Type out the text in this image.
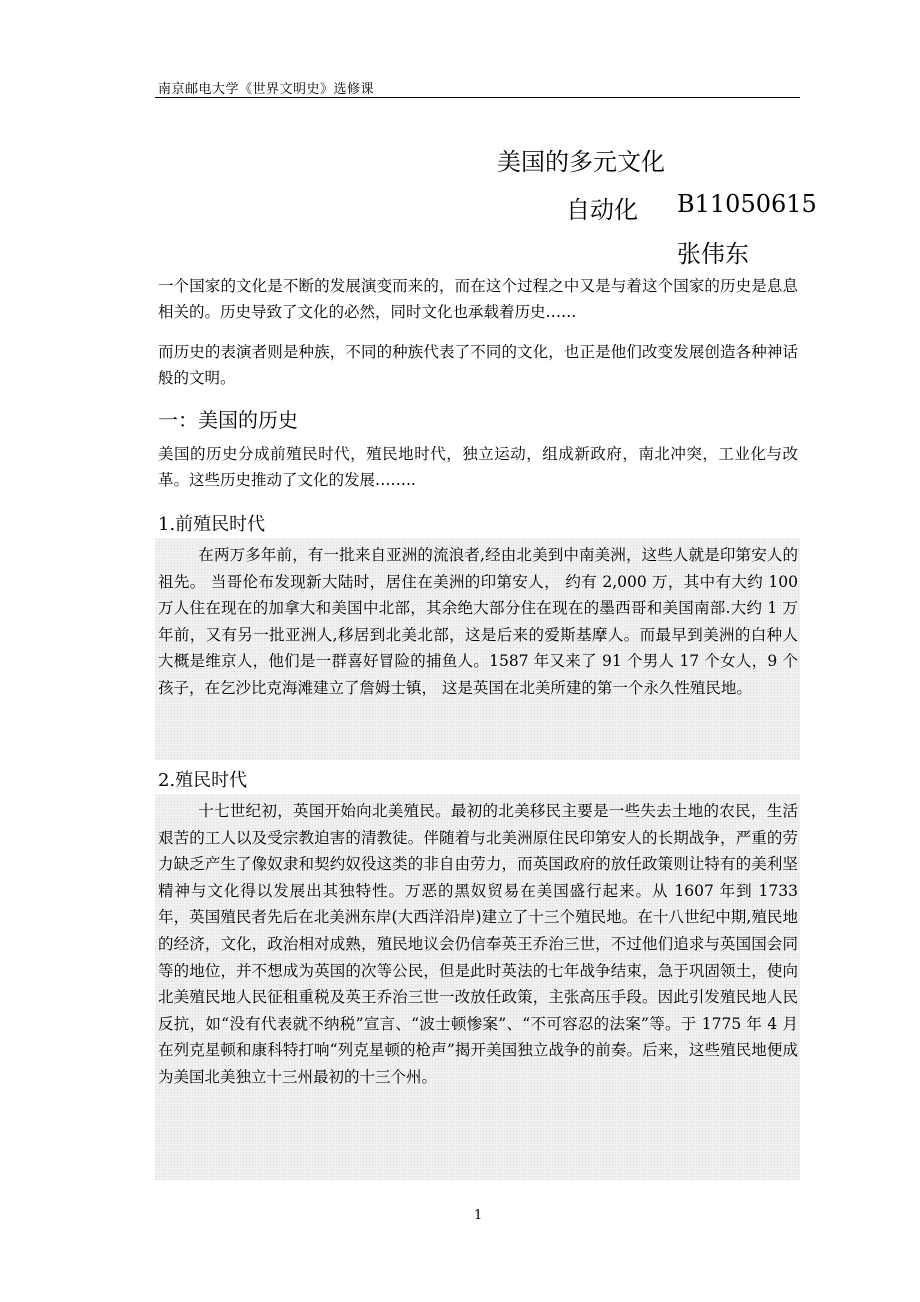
南京邮电大学《世界文明史》选修课
美国的多元文化
自动化 B11050615
张伟东

一个国家的文化是不断的发展演变而来的，而在这个过程之中又是与着这个国家的历史是息息相关的。历史导致了文化的必然，同时文化也承载着历史……

而历史的表演者则是种族，不同的种族代表了不同的文化，也正是他们改变发展创造各种神话般的文明。

一：美国的历史

美国的历史分成前殖民时代，殖民地时代，独立运动，组成新政府，南北冲突，工业化与改革。这些历史推动了文化的发展……..

1.前殖民时代

在两万多年前，有一批来自亚洲的流浪者,经由北美到中南美洲，这些人就是印第安人的祖先。 当哥伦布发现新大陆时，居住在美洲的印第安人， 约有 2,000 万，其中有大约 100 万人住在现在的加拿大和美国中北部，其余绝大部分住在现在的墨西哥和美国南部.大约 1 万年前，又有另一批亚洲人,移居到北美北部，这是后来的爱斯基摩人。而最早到美洲的白种人大概是维京人，他们是一群喜好冒险的捕鱼人。1587 年又来了 91 个男人 17 个女人，9 个孩子，在乞沙比克海滩建立了詹姆士镇， 这是英国在北美所建的第一个永久性殖民地。

2.殖民时代

十七世纪初，英国开始向北美殖民。最初的北美移民主要是一些失去土地的农民，生活艰苦的工人以及受宗教迫害的清教徒。伴随着与北美洲原住民印第安人的长期战争，严重的劳力缺乏产生了像奴隶和契约奴役这类的非自由劳力，而英国政府的放任政策则让特有的美利坚精神与文化得以发展出其独特性。万恶的黑奴贸易在美国盛行起来。从 1607 年到 1733 年，英国殖民者先后在北美洲东岸(大西洋沿岸)建立了十三个殖民地。在十八世纪中期,殖民地的经济，文化，政治相对成熟，殖民地议会仍信奉英王乔治三世，不过他们追求与英国国会同等的地位，并不想成为英国的次等公民，但是此时英法的七年战争结束，急于巩固领土，使向北美殖民地人民征租重税及英王乔治三世一改放任政策，主张高压手段。因此引发殖民地人民反抗，如“没有代表就不纳税”宣言、“波士顿惨案”、“不可容忍的法案”等。于 1775 年 4 月在列克星顿和康科特打响“列克星顿的枪声”揭开美国独立战争的前奏。后来，这些殖民地便成为美国北美独立十三州最初的十三个州。

1
